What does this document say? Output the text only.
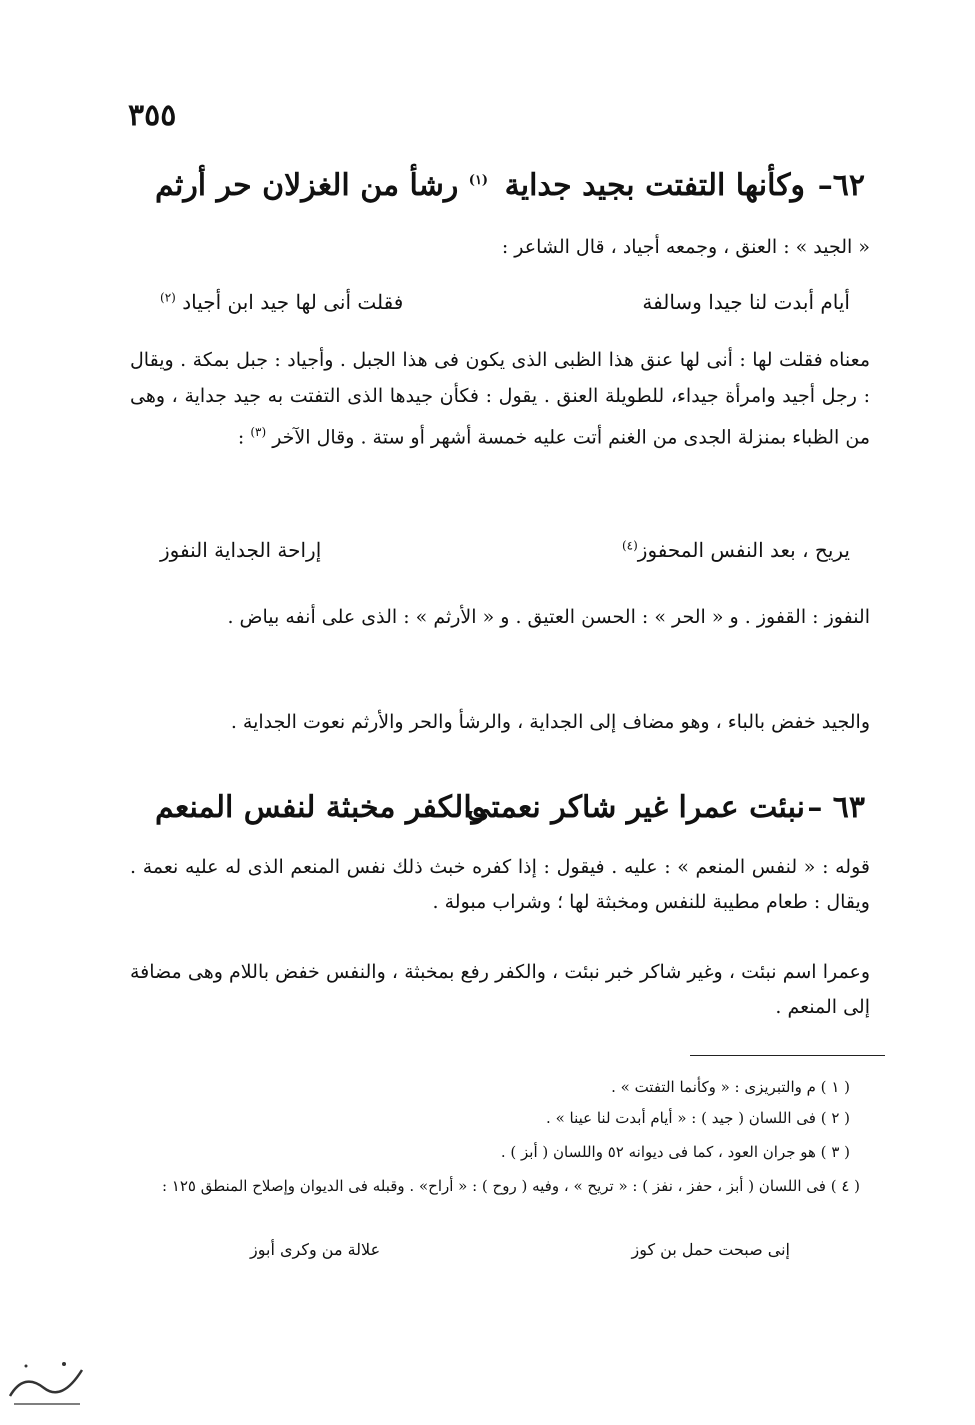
٣٥٥
٦٢–
وكأنها التفتت بجيد جداية
$^{(١)}$ رشأ من الغزلان حر أرثم
« الجيد » : العنق ، وجمعه أجياد ، قال الشاعر :
أيام أبدت لنا جيدا وسالفة
فقلت أنى لها جيد ابن أجياد $^{(٢)}$
معناه فقلت لها : أنى لها عنق هذا الظبى الذى يكون فى هذا الجبل . وأجياد : جبل بمكة . ويقال : رجل أجيد وامرأة جيداء، للطويلة العنق . يقول : فكأن جيدها الذى التفتت به جيد جداية ، وهى من الظباء بمنزلة الجدى من الغنم أتت عليه خمسة أشهر أو ستة . وقال الآخر $^{(٣)}$ :
يريح ، بعد النفس المحفوز$^{(٤)}$
إراحة الجداية النفوز
النفوز : القفوز . و « الحر » : الحسن العتيق . و « الأرثم » : الذى على أنفه بياض .
والجيد خفض بالباء ، وهو مضاف إلى الجداية ، والرشأ والحر والأرثم نعوت الجداية .
٦٣ –
نبئت عمرا غير شاكر نعمتى
والكفر مخبثة لنفس المنعم
قوله : « لنفس المنعم » : عليه . فيقول : إذا كفره خبث ذلك نفس المنعم الذى له عليه نعمة . ويقال : طعام مطيبة للنفس ومخبثة لها ؛ وشراب مبولة .
وعمرا اسم نبئت ، وغير شاكر خبر نبئت ، والكفر رفع بمخبثة ، والنفس خفض باللام وهى مضافة إلى المنعم .
( ١ ) م والتبريزى : « وكأنما التفتت » .
( ٢ ) فى اللسان ( جيد ) : « أيام أبدت لنا عينا » .
( ٣ ) هو جران العود ، كما فى ديوانه ٥٢ واللسان ( أبز ) .
( ٤ ) فى اللسان ( أبز ، حفز ، نفز ) : « تريح » ، وفيه ( روح ) : « أراح» . وقبله فى الديوان وإصلاح المنطق ١٢٥ :
إنى صبحت حمل بن كوز
علالة من وكرى أبوز
